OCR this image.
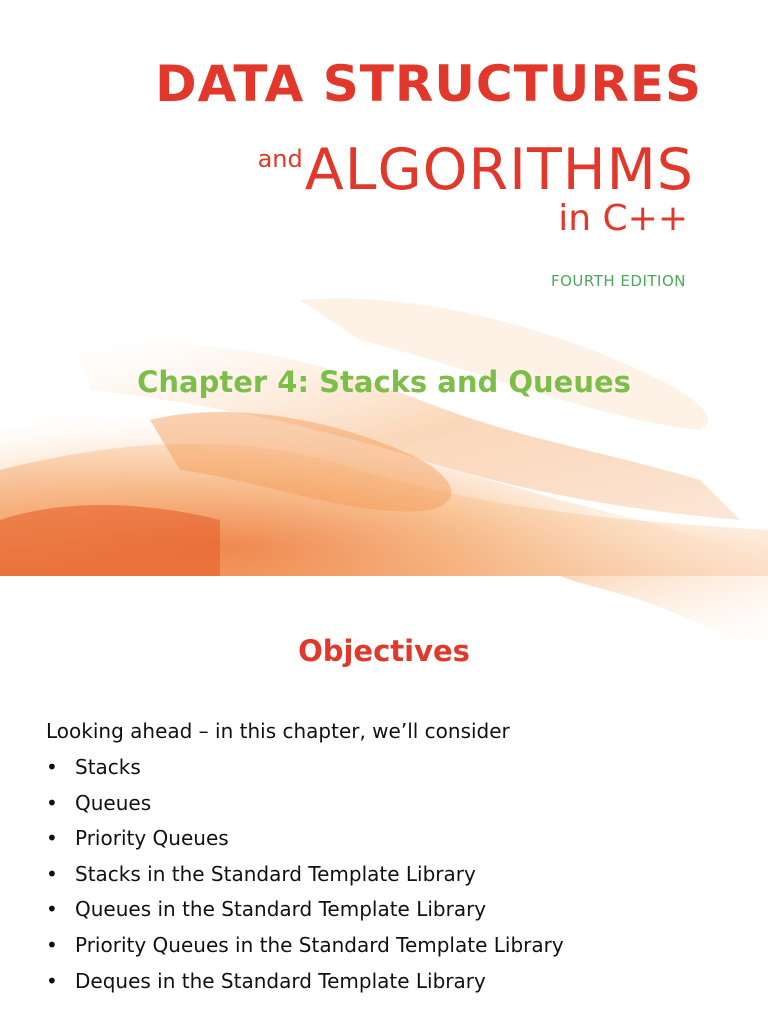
DATA STRUCTURES
andALGORITHMS
in C++
FOURTH EDITION
Chapter 4: Stacks and Queues
Objectives
Looking ahead – in this chapter, we’ll consider
• Stacks
• Queues
• Priority Queues
• Stacks in the Standard Template Library
• Queues in the Standard Template Library
• Priority Queues in the Standard Template Library
• Deques in the Standard Template Library
